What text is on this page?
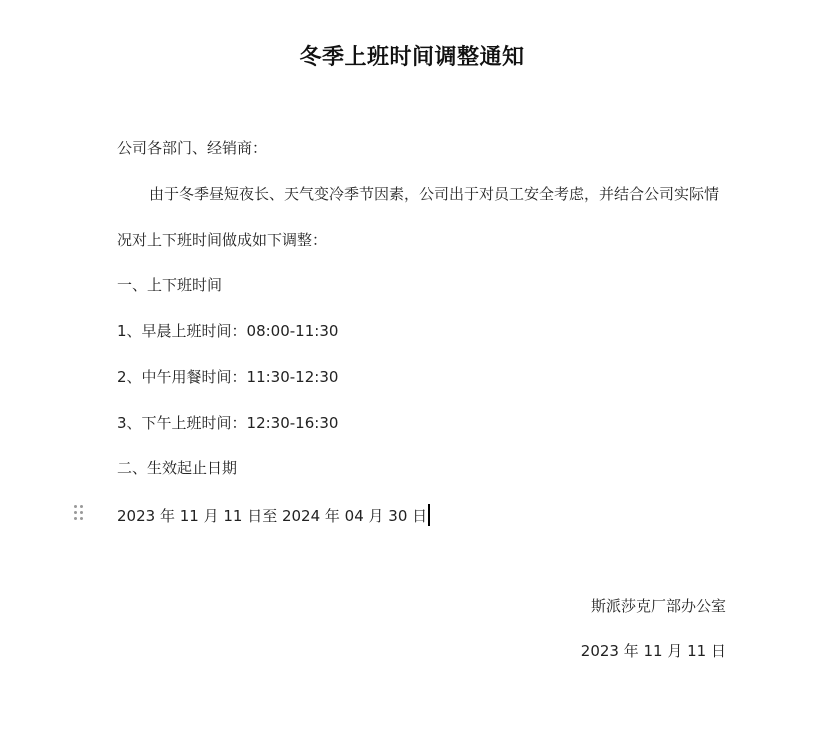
冬季上班时间调整通知
公司各部门、经销商：
由于冬季昼短夜长、天气变冷季节因素，公司出于对员工安全考虑，并结合公司实际情
况对上下班时间做成如下调整：
一、上下班时间
1、早晨上班时间：08:00-11:30
2、中午用餐时间：11:30-12:30
3、下午上班时间：12:30-16:30
二、生效起止日期
2023 年 11 月 11 日至 2024 年 04 月 30 日
斯派莎克厂部办公室
2023 年 11 月 11 日
